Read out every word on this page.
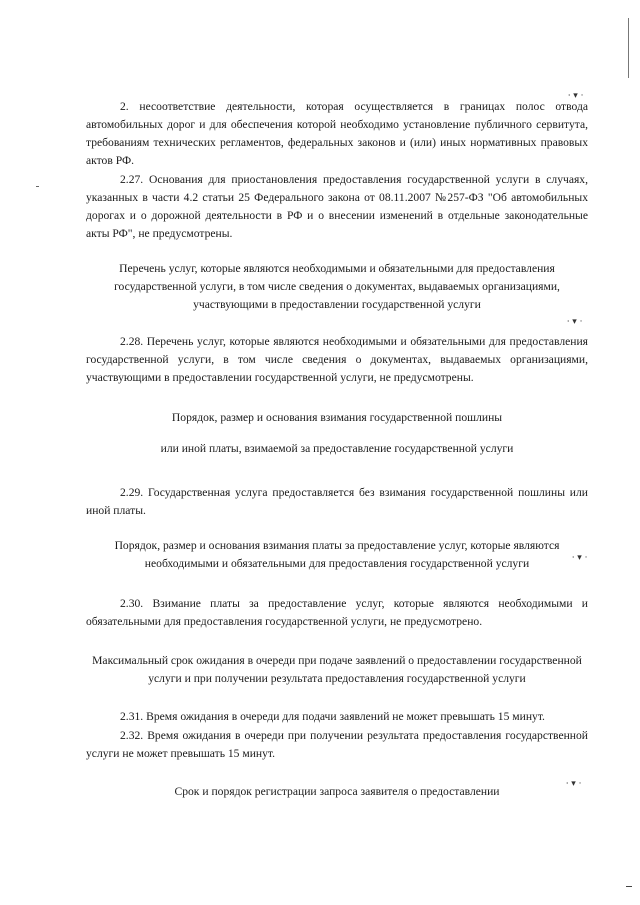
⸱ ▾ ·
⸱ ▾ ·
⸱ ▾ ·
⸱ ▾ ·

2. несоответствие деятельности, которая осуществляется в границах полос отвода автомобильных дорог и для обеспечения которой необходимо установление публичного сервитута, требованиям технических регламентов, федеральных законов и (или) иных нормативных правовых актов РФ.

2.27. Основания для приостановления предоставления государственной услуги в случаях, указанных в части 4.2 статьи 25 Федерального закона от 08.11.2007 №257-ФЗ "Об автомобильных дорогах и о дорожной деятельности в РФ и о внесении изменений в отдельные законодательные акты РФ", не предусмотрены.

Перечень услуг, которые являются необходимыми и обязательными для предоставления государственной услуги, в том числе сведения о документах, выдаваемых организациями, участвующими в предоставлении государственной услуги

2.28. Перечень услуг, которые являются необходимыми и обязательными для предоставления государственной услуги, в том числе сведения о документах, выдаваемых организациями, участвующими в предоставлении государственной услуги, не предусмотрены.

Порядок, размер и основания взимания государственной пошлины

или иной платы, взимаемой за предоставление государственной услуги

2.29. Государственная услуга предоставляется без взимания государственной пошлины или иной платы.

Порядок, размер и основания взимания платы за предоставление услуг, которые являются необходимыми и обязательными для предоставления государственной услуги

2.30. Взимание платы за предоставление услуг, которые являются необходимыми и обязательными для предоставления государственной услуги, не предусмотрено.

Максимальный срок ожидания в очереди при подаче заявлений о предоставлении государственной услуги и при получении результата предоставления государственной услуги

2.31. Время ожидания в очереди для подачи заявлений не может превышать 15 минут.

2.32. Время ожидания в очереди при получении результата предоставления государственной услуги не может превышать 15 минут.

Срок и порядок регистрации запроса заявителя о предоставлении
